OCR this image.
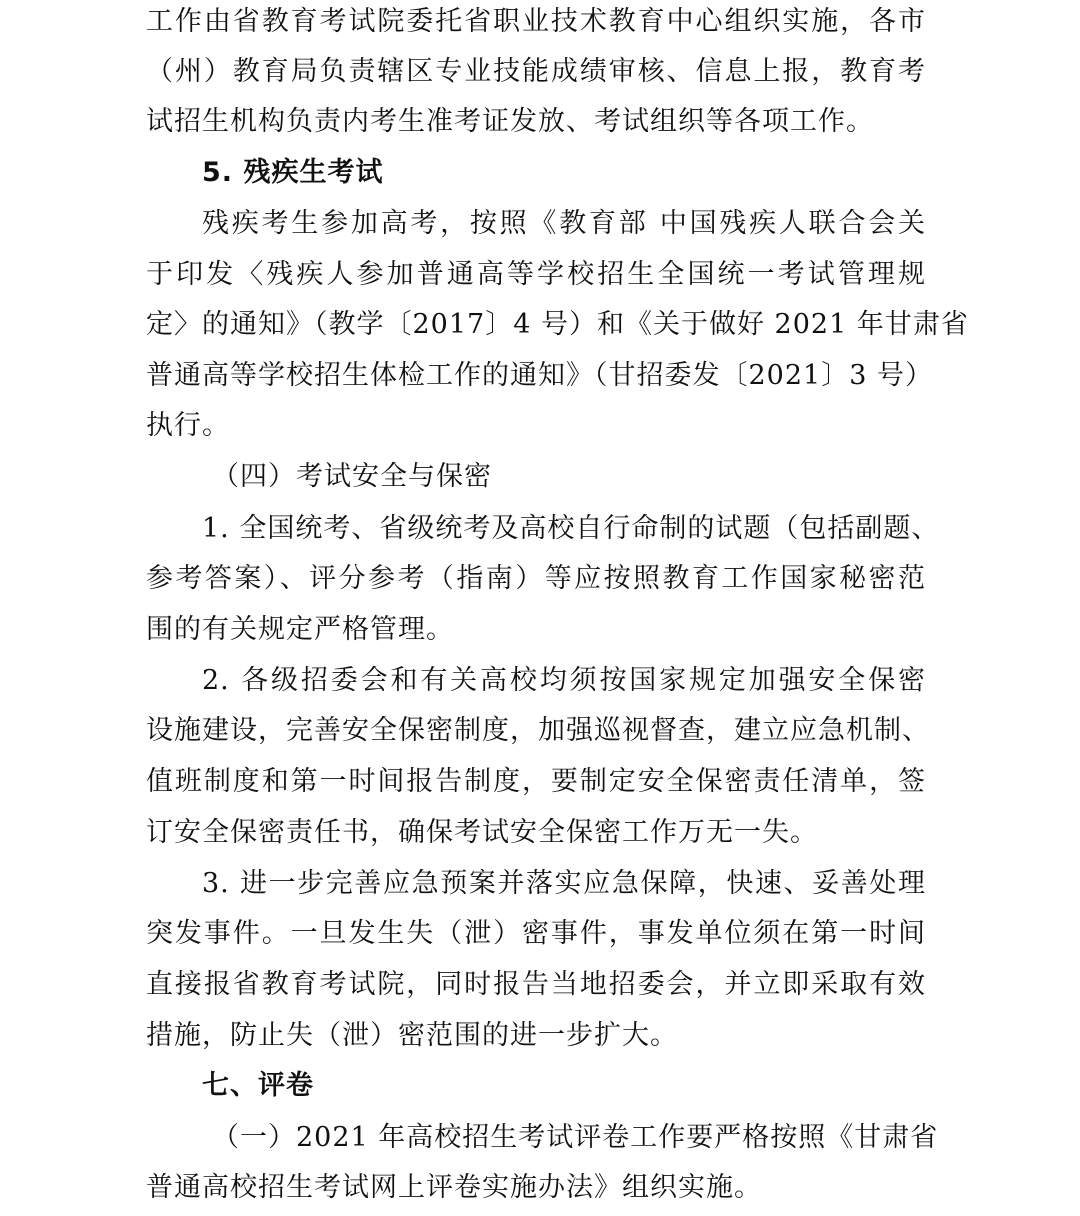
工作由省教育考试院委托省职业技术教育中心组织实施，各市
（州）教育局负责辖区专业技能成绩审核、信息上报，教育考
试招生机构负责内考生准考证发放、考试组织等各项工作。
5. 残疾生考试
残疾考生参加高考，按照《教育部 中国残疾人联合会关
于印发〈残疾人参加普通高等学校招生全国统一考试管理规
定〉的通知》（教学〔2017〕4 号）和《关于做好 2021 年甘肃省
普通高等学校招生体检工作的通知》（甘招委发〔2021〕3 号）
执行。
（四）考试安全与保密
1. 全国统考、省级统考及高校自行命制的试题（包括副题、
参考答案）、评分参考（指南）等应按照教育工作国家秘密范
围的有关规定严格管理。
2. 各级招委会和有关高校均须按国家规定加强安全保密
设施建设，完善安全保密制度，加强巡视督查，建立应急机制、
值班制度和第一时间报告制度，要制定安全保密责任清单，签
订安全保密责任书，确保考试安全保密工作万无一失。
3. 进一步完善应急预案并落实应急保障，快速、妥善处理
突发事件。一旦发生失（泄）密事件，事发单位须在第一时间
直接报省教育考试院，同时报告当地招委会，并立即采取有效
措施，防止失（泄）密范围的进一步扩大。
七、评卷
（一）2021 年高校招生考试评卷工作要严格按照《甘肃省
普通高校招生考试网上评卷实施办法》组织实施。
